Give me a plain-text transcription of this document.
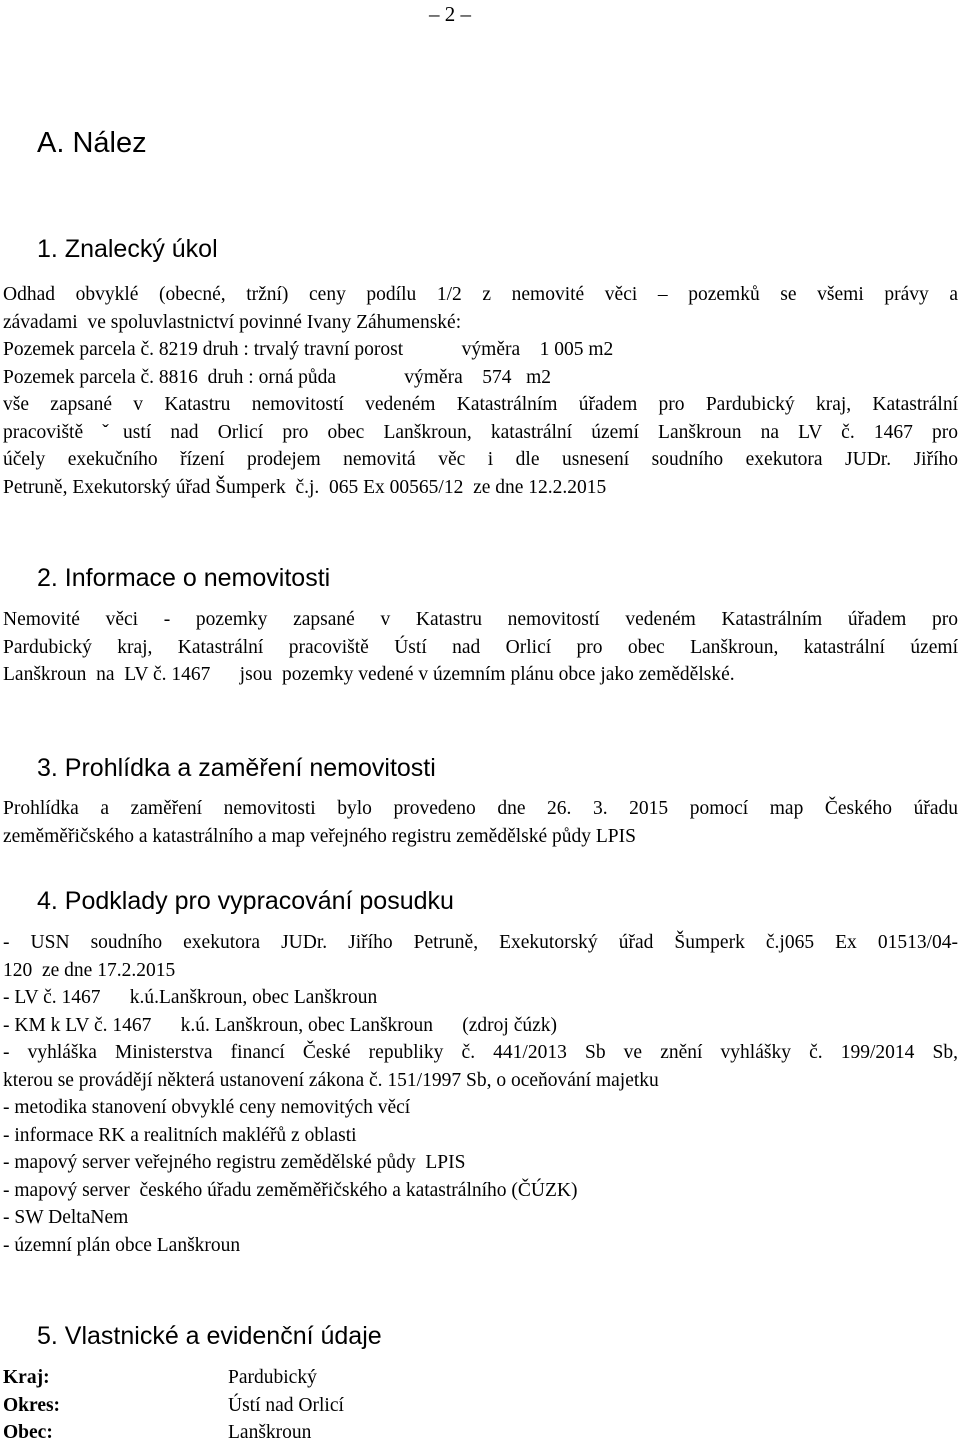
– 2 –
A. Nález
1. Znalecký úkol
Odhad obvyklé (obecné, tržní) ceny podílu 1/2 z nemovité věci – pozemků se všemi právy a
závadami  ve spoluvlastnictví povinné Ivany Záhumenské:
Pozemek parcela č. 8219 druh : trvalý travní porost            výměra    1 005 m2
Pozemek parcela č. 8816  druh : orná půda              výměra    574   m2
vše zapsané v Katastru nemovitostí vedeném Katastrálním úřadem pro Pardubický kraj, Katastrální
pracoviště ˇustí nad Orlicí pro obec Lanškroun, katastrální území Lanškroun na LV č. 1467 pro
účely exekučního řízení prodejem nemovitá věc i dle usnesení soudního exekutora JUDr. Jiřího
Petruně, Exekutorský úřad Šumperk  č.j.  065 Ex 00565/12  ze dne 12.2.2015
2. Informace o nemovitosti
Nemovité věci - pozemky zapsané v Katastru nemovitostí vedeném Katastrálním úřadem pro
Pardubický kraj, Katastrální pracoviště Ústí nad Orlicí pro obec Lanškroun, katastrální území
Lanškroun  na  LV č. 1467      jsou  pozemky vedené v územním plánu obce jako zemědělské.
3. Prohlídka a zaměření nemovitosti
Prohlídka a zaměření nemovitosti bylo provedeno dne 26. 3. 2015 pomocí map Českého úřadu
zeměměřičského a katastrálního a map veřejného registru zemědělské půdy LPIS
4. Podklady pro vypracování posudku
- USN soudního exekutora JUDr. Jiřího Petruně, Exekutorský úřad Šumperk č.j065 Ex 01513/04-
120  ze dne 17.2.2015
- LV č. 1467      k.ú.Lanškroun, obec Lanškroun
- KM k LV č. 1467      k.ú. Lanškroun, obec Lanškroun      (zdroj čúzk)
- vyhláška Ministerstva financí České republiky č. 441/2013 Sb ve znění vyhlášky č. 199/2014 Sb,
kterou se provádějí některá ustanovení zákona č. 151/1997 Sb, o oceňování majetku
- metodika stanovení obvyklé ceny nemovitých věcí
- informace RK a realitních makléřů z oblasti
- mapový server veřejného registru zemědělské půdy  LPIS
- mapový server  českého úřadu zeměměřičského a katastrálního (ČÚZK)
- SW DeltaNem
- územní plán obce Lanškroun
5. Vlastnické a evidenční údaje
Kraj:	Pardubický
Okres:	Ústí nad Orlicí
Obec:	Lanškroun
